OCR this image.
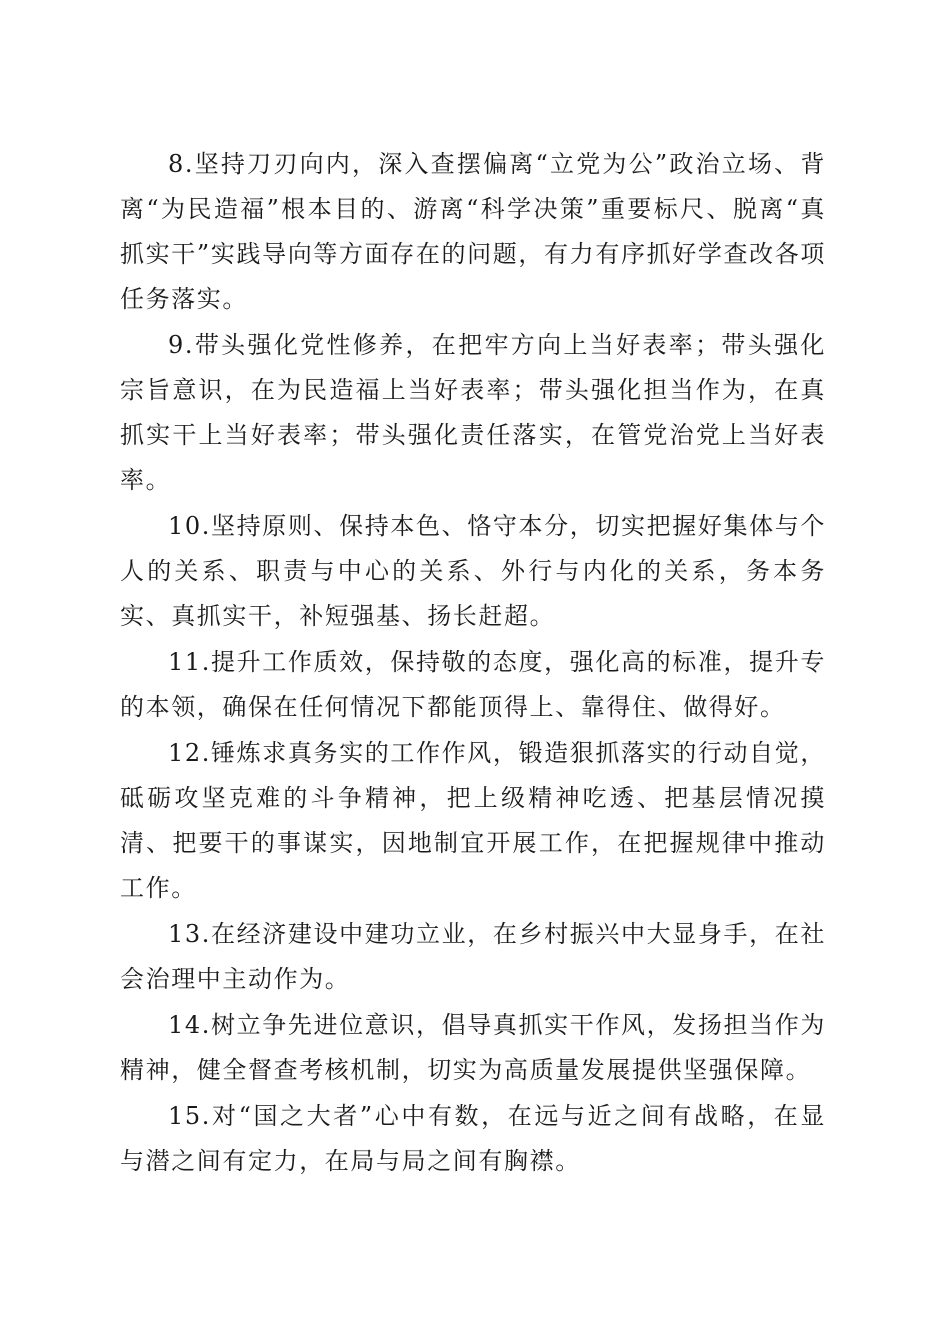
8.坚持刀刃向内，深入查摆偏离“立党为公”政治立场、背离“为民造福”根本目的、游离“科学决策”重要标尺、脱离“真抓实干”实践导向等方面存在的问题，有力有序抓好学查改各项任务落实。

9.带头强化党性修养，在把牢方向上当好表率；带头强化宗旨意识，在为民造福上当好表率；带头强化担当作为，在真抓实干上当好表率；带头强化责任落实，在管党治党上当好表率。

10.坚持原则、保持本色、恪守本分，切实把握好集体与个人的关系、职责与中心的关系、外行与内化的关系，务本务实、真抓实干，补短强基、扬长赶超。

11.提升工作质效，保持敬的态度，强化高的标准，提升专的本领，确保在任何情况下都能顶得上、靠得住、做得好。

12.锤炼求真务实的工作作风，锻造狠抓落实的行动自觉，砥砺攻坚克难的斗争精神，把上级精神吃透、把基层情况摸清、把要干的事谋实，因地制宜开展工作，在把握规律中推动工作。

13.在经济建设中建功立业，在乡村振兴中大显身手，在社会治理中主动作为。

14.树立争先进位意识，倡导真抓实干作风，发扬担当作为精神，健全督查考核机制，切实为高质量发展提供坚强保障。

15.对“国之大者”心中有数，在远与近之间有战略，在显与潜之间有定力，在局与局之间有胸襟。
